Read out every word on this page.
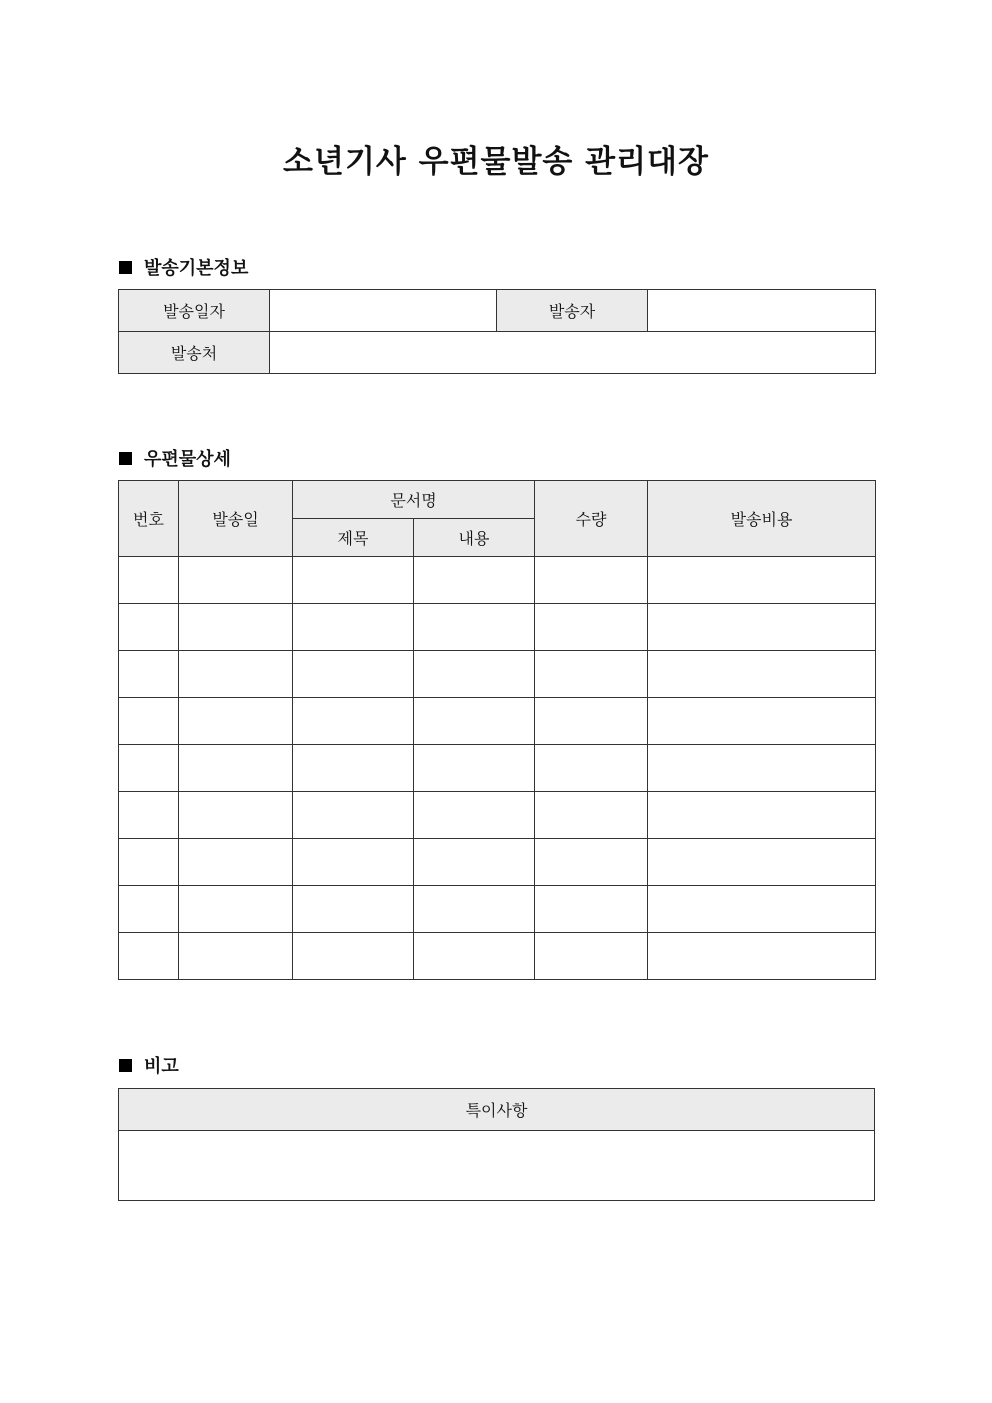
소년기사 우편물발송 관리대장
발송기본정보
발송일자		발송자	
발송처			
우편물상세
번호	발송일	문서명		수량	발송비용
		제목	내용		

비고
특이사항
